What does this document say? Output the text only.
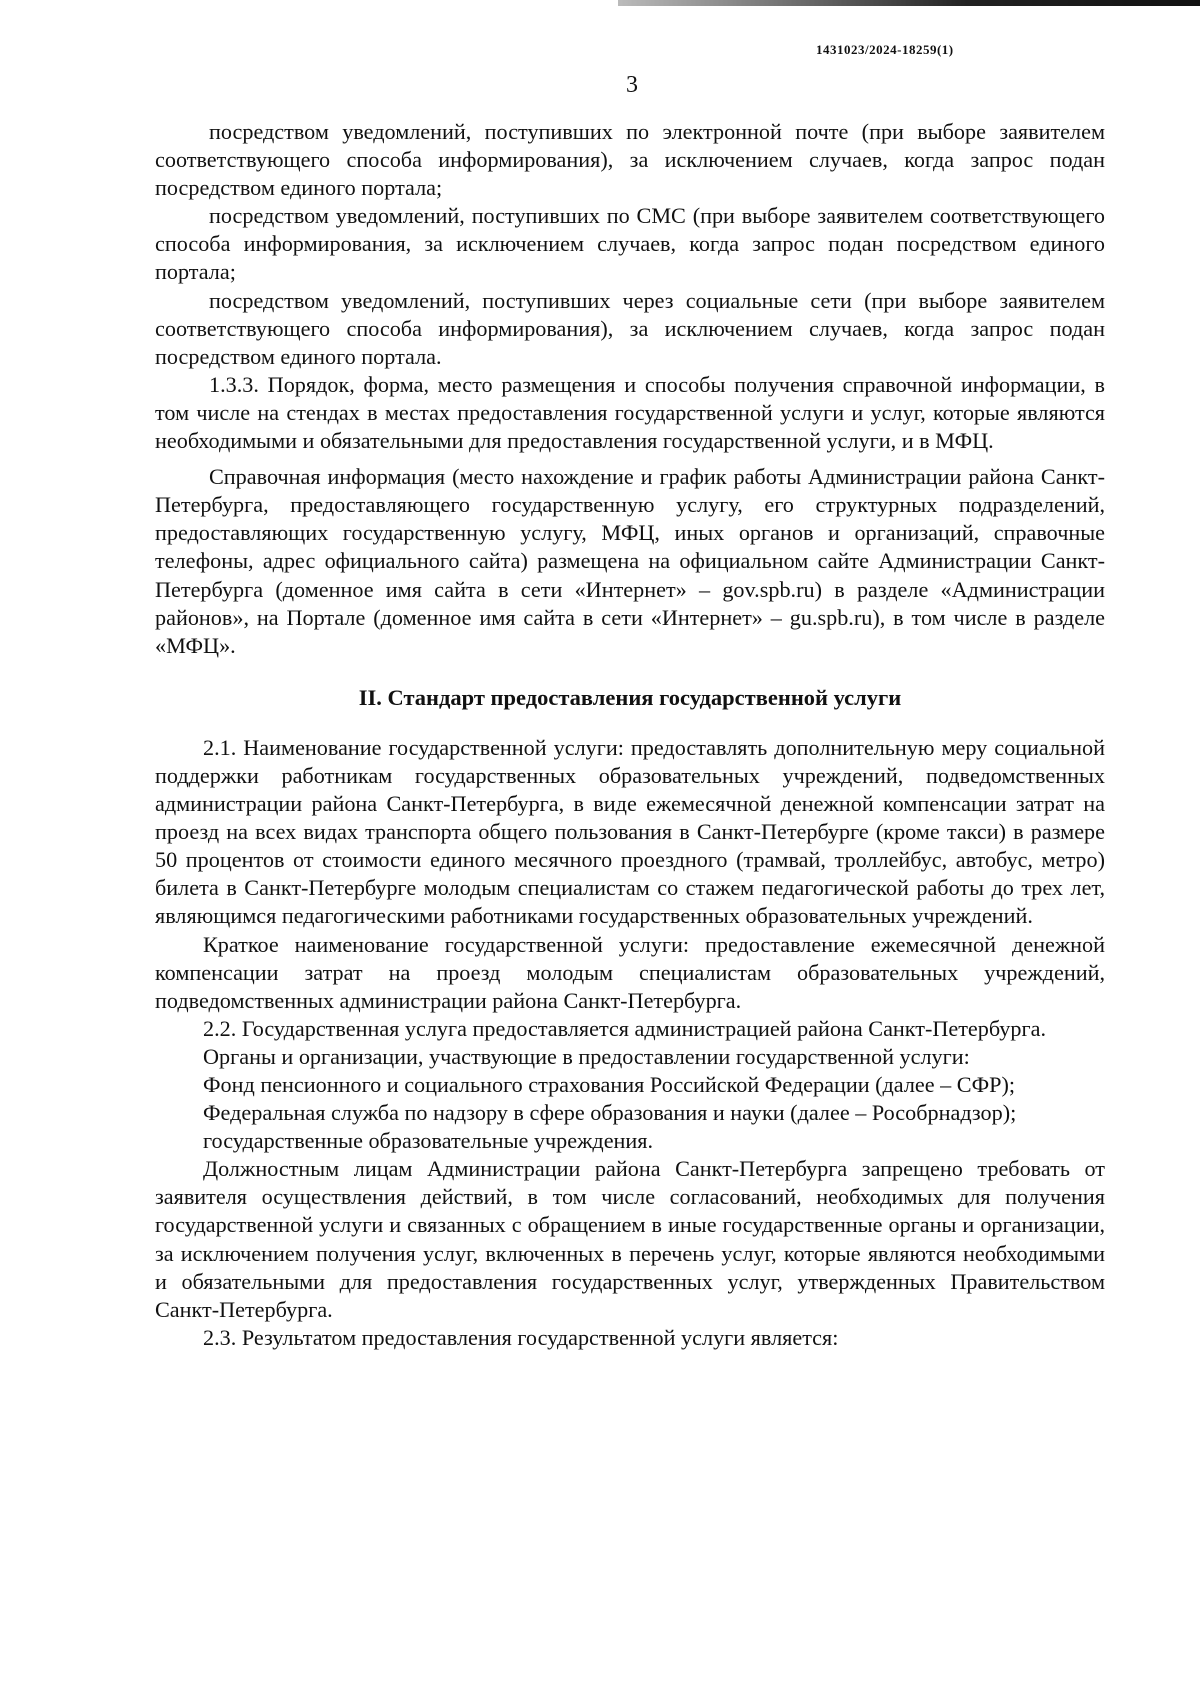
1431023/2024-18259(1)
3

посредством уведомлений, поступивших по электронной почте (при выборе заявителем соответствующего способа информирования), за исключением случаев, когда запрос подан посредством единого портала;

посредством уведомлений, поступивших по СМС (при выборе заявителем соответствующего способа информирования, за исключением случаев, когда запрос подан посредством единого портала;

посредством уведомлений, поступивших через социальные сети (при выборе заявителем соответствующего способа информирования), за исключением случаев, когда запрос подан посредством единого портала.

1.3.3. Порядок, форма, место размещения и способы получения справочной информации, в том числе на стендах в местах предоставления государственной услуги и услуг, которые являются необходимыми и обязательными для предоставления государственной услуги, и в МФЦ.

Справочная информация (место нахождение и график работы Администрации района Санкт-Петербурга, предоставляющего государственную услугу, его структурных подразделений, предоставляющих государственную услугу, МФЦ, иных органов и организаций, справочные телефоны, адрес официального сайта) размещена на официальном сайте Администрации Санкт-Петербурга (доменное имя сайта в сети «Интернет» – gov.spb.ru) в разделе «Администрации районов», на Портале (доменное имя сайта в сети «Интернет» – gu.spb.ru), в том числе в разделе «МФЦ».

II. Стандарт предоставления государственной услуги

2.1. Наименование государственной услуги: предоставлять дополнительную меру социальной поддержки работникам государственных образовательных учреждений, подведомственных администрации района Санкт-Петербурга, в виде ежемесячной денежной компенсации затрат на проезд на всех видах транспорта общего пользования в Санкт-Петербурге (кроме такси) в размере 50 процентов от стоимости единого месячного проездного (трамвай, троллейбус, автобус, метро) билета в Санкт-Петербурге молодым специалистам со стажем педагогической работы до трех лет, являющимся педагогическими работниками государственных образовательных учреждений.

Краткое наименование государственной услуги: предоставление ежемесячной денежной компенсации затрат на проезд молодым специалистам образовательных учреждений, подведомственных администрации района Санкт-Петербурга.

2.2. Государственная услуга предоставляется администрацией района Санкт-Петербурга.

Органы и организации, участвующие в предоставлении государственной услуги:

Фонд пенсионного и социального страхования Российской Федерации (далее – СФР);

Федеральная служба по надзору в сфере образования и науки (далее – Рособрнадзор);

государственные образовательные учреждения.

Должностным лицам Администрации района Санкт-Петербурга запрещено требовать от заявителя осуществления действий, в том числе согласований, необходимых для получения государственной услуги и связанных с обращением в иные государственные органы и организации, за исключением получения услуг, включенных в перечень услуг, которые являются необходимыми и обязательными для предоставления государственных услуг, утвержденных Правительством Санкт-Петербурга.

2.3. Результатом предоставления государственной услуги является:
